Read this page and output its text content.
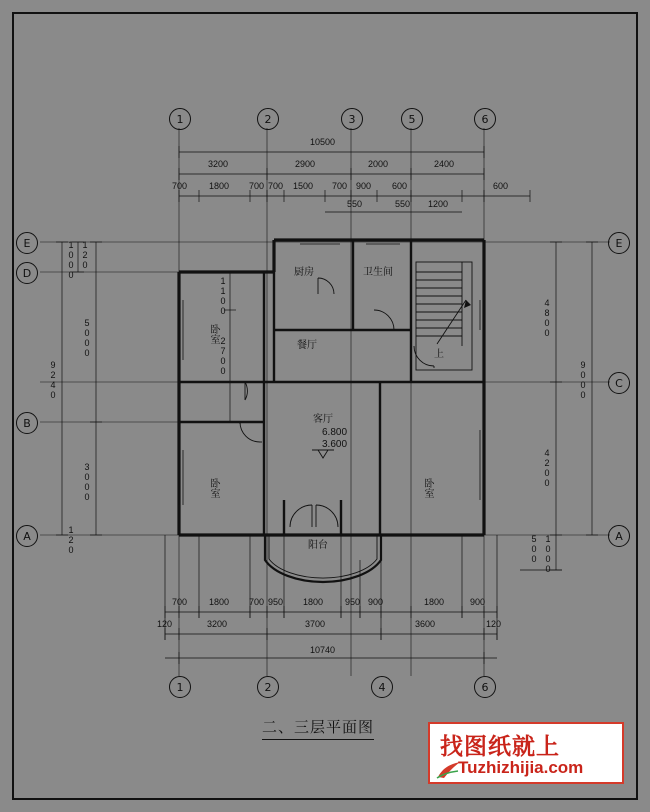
1	2	3	5	6
1	2	4	6
E
D
B
A
E
C
A
10500
3200	2900	2000	2400
700 1800 700 700 1500 700 900 600	600
550	550 1200
700 1800 700 950 1800 950 900	1800	900
120	3200	3700	3600	120
10740
9240
5000
3000
1000 120
120
4800
4200
9000
500 1000
1100
2700
卧室
卧室	卧室
厨房	卫生间
餐厅
客厅
阳台
上
6.800
3.600
二、三层平面图
找图纸就上
Tuzhizhijia.com
